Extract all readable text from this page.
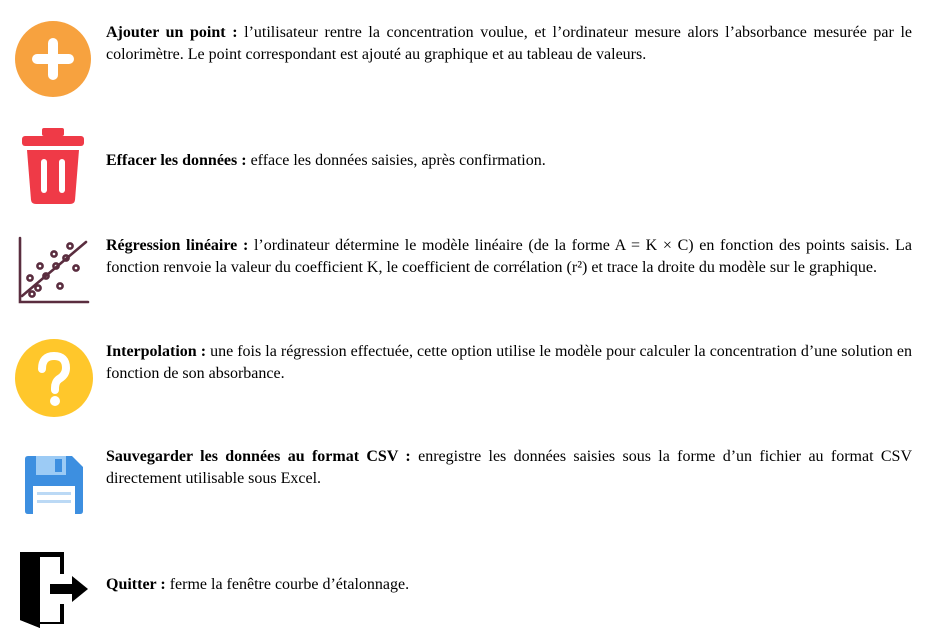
Ajouter un point : l’utilisateur rentre la concentration voulue, et l’ordinateur mesure alors l’absorbance mesurée par le colorimètre. Le point correspondant est ajouté au graphique et au tableau de valeurs.

Effacer les données : efface les données saisies, après confirmation.

Régression linéaire : l’ordinateur détermine le modèle linéaire (de la forme A = K × C) en fonction des points saisis. La fonction renvoie la valeur du coefficient K, le coefficient de corrélation (r²) et trace la droite du modèle sur le graphique.

Interpolation : une fois la régression effectuée, cette option utilise le modèle pour calculer la concentration d’une solution en fonction de son absorbance.

Sauvegarder les données au format CSV : enregistre les données saisies sous la forme d’un fichier au format CSV directement utilisable sous Excel.

Quitter : ferme la fenêtre courbe d’étalonnage.
